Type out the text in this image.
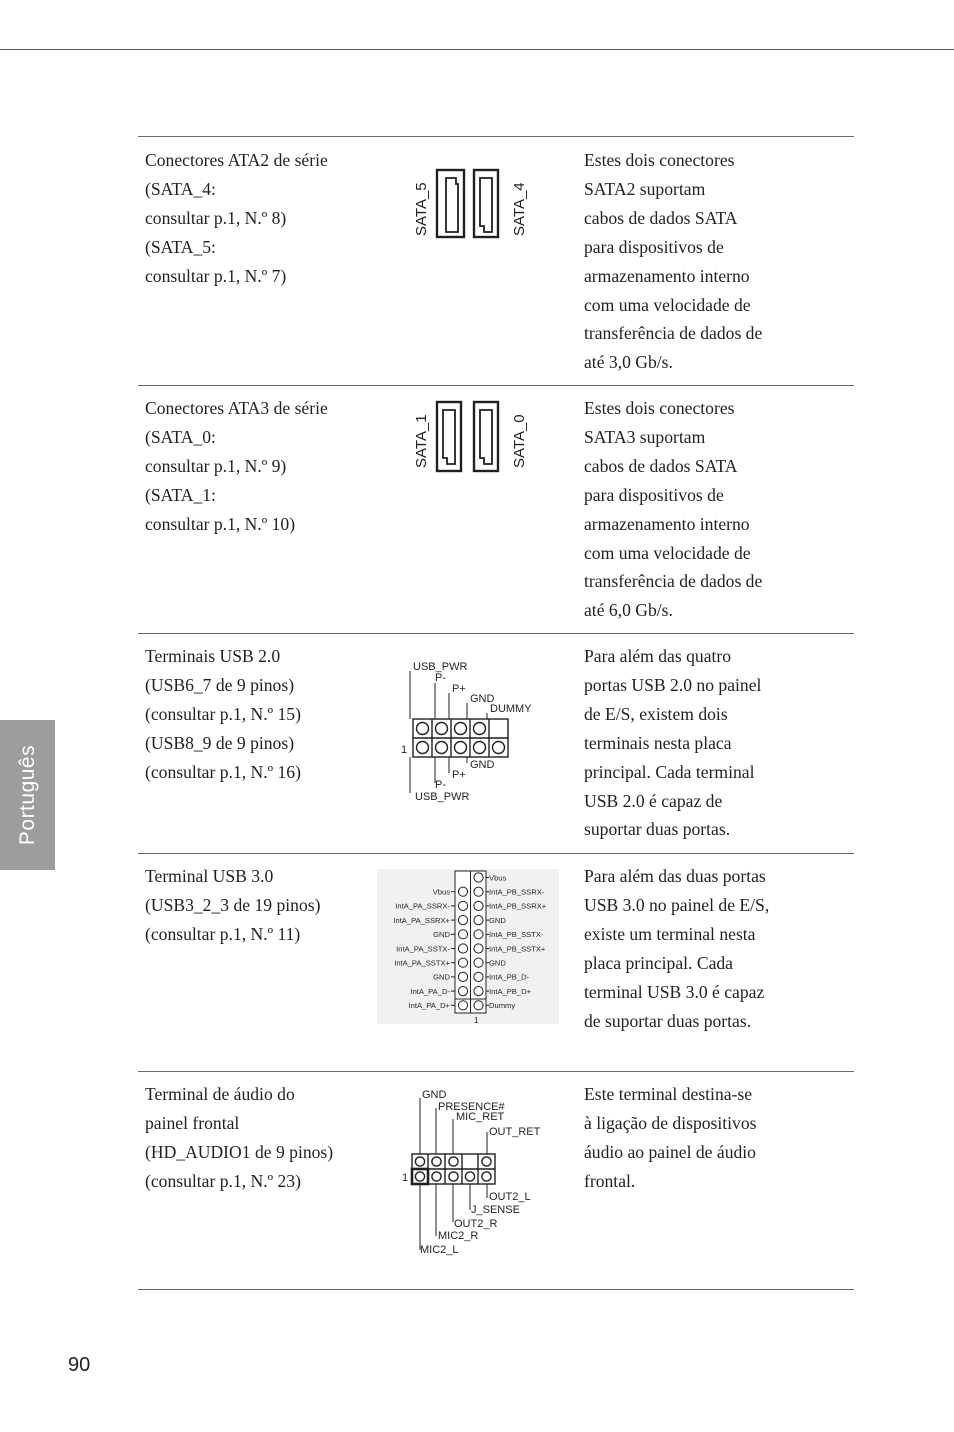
Conectores ATA2 de série

(SATA_4:

consultar p.1, N.º 8)

(SATA_5:

consultar p.1, N.º 7)

SATA_5	SATA_4

Estes dois conectores

SATA2 suportam

cabos de dados SATA

para dispositivos de

armazenamento interno

com uma velocidade de

transferência de dados de

até 3,0 Gb/s.

Conectores ATA3 de série

(SATA_0:

consultar p.1, N.º 9)

(SATA_1:

consultar p.1, N.º 10)

SATA_1	SATA_0

Estes dois conectores

SATA3 suportam

cabos de dados SATA

para dispositivos de

armazenamento interno

com uma velocidade de

transferência de dados de

até 6,0 Gb/s.

Terminais USB 2.0

(USB6_7 de 9 pinos)

(consultar p.1, N.º 15)

(USB8_9 de 9 pinos)

(consultar p.1, N.º 16)

USB_PWR
P-
P+
GND
DUMMY
1
GND
P+
P-
USB_PWR

Para além das quatro

portas USB 2.0 no painel

de E/S, existem dois

terminais nesta placa

principal. Cada terminal

USB 2.0 é capaz de

suportar duas portas.

Terminal USB 3.0

(USB3_2_3 de 19 pinos)

(consultar p.1, N.º 11)

Vbus
IntA_PB_SSRX-
IntA_PB_SSRX+
GND
IntA_PB_SSTX-
IntA_PB_SSTX+
GND
IntA_PB_D-
IntA_PB_D+
Dummy
Vbus
IntA_PA_SSRX-
IntA_PA_SSRX+
GND
IntA_PA_SSTX-
IntA_PA_SSTX+
GND
IntA_PA_D-
IntA_PA_D+
1

Para além das duas portas

USB 3.0 no painel de E/S,

existe um terminal nesta

placa principal. Cada

terminal USB 3.0 é capaz

de suportar duas portas.

Terminal de áudio do

painel frontal

(HD_AUDIO1 de 9 pinos)

(consultar p.1, N.º 23)

GND
PRESENCE#
MIC_RET
OUT_RET
1
OUT2_L
J_SENSE
OUT2_R
MIC2_R
MIC2_L

Este terminal destina-se

à ligação de dispositivos

áudio ao painel de áudio

frontal.

Português
90
